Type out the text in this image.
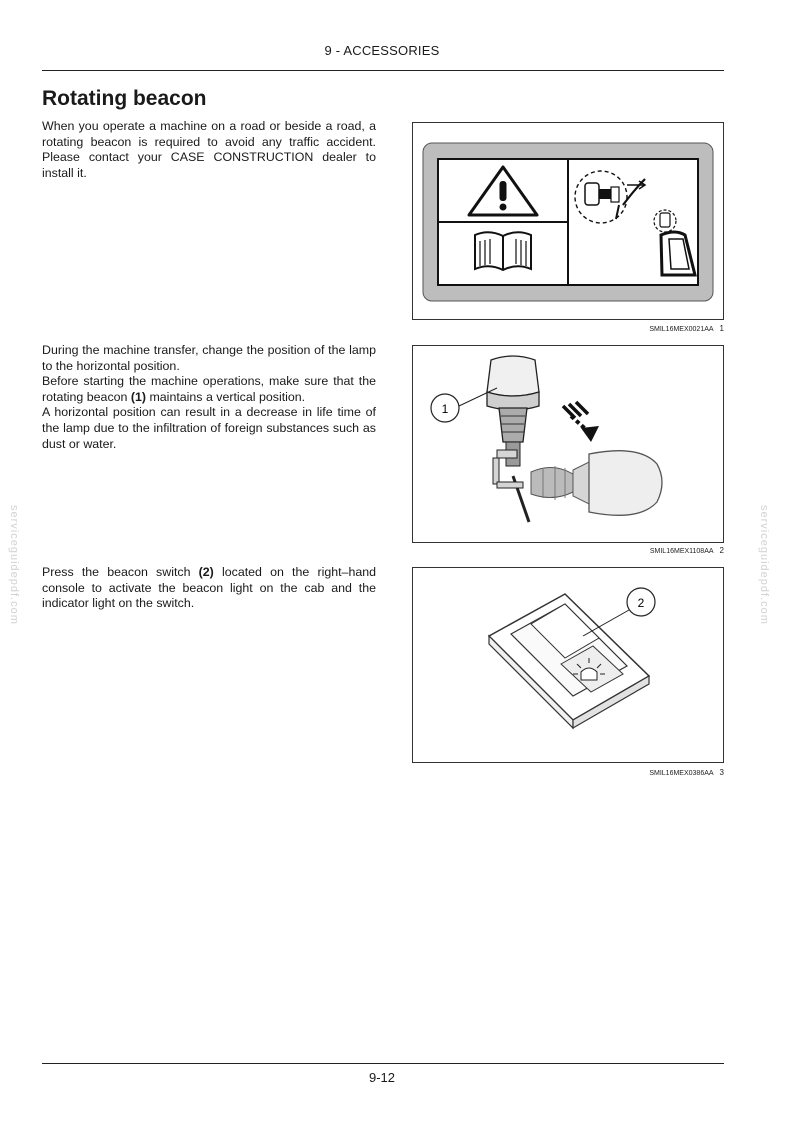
9 - ACCESSORIES
Rotating beacon

When you operate a machine on a road or beside a road, a rotating beacon is required to avoid any traffic accident. Please contact your CASE CONSTRUCTION dealer to install it.

During the machine transfer, change the position of the lamp to the horizontal position.
Before starting the machine operations, make sure that the rotating beacon (1) maintains a vertical position.
A horizontal position can result in a decrease in life time of the lamp due to the infiltration of foreign substances such as dust or water.

Press the beacon switch (2) located on the right–hand console to activate the beacon light on the cab and the indicator light on the switch.

SMIL16MEX0021AA 1
1
SMIL16MEX1108AA 2
2
SMIL16MEX0386AA 3
serviceguidepdf.com	serviceguidepdf.com
9-12
